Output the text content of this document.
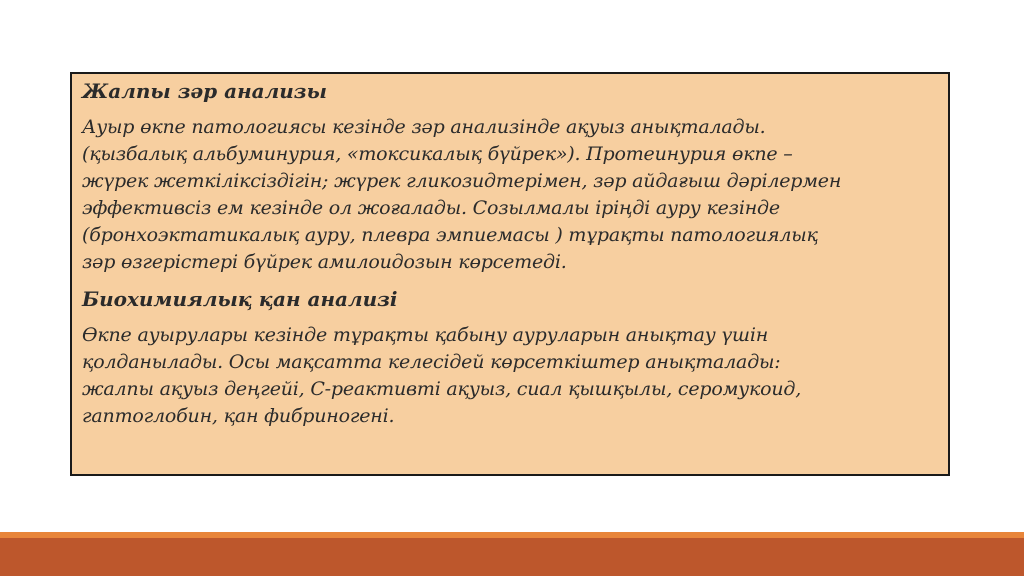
Жалпы зәр анализы
Ауыр өкпе патологиясы кезінде зәр анализінде ақуыз анықталады.
(қызбалық альбуминурия, «токсикалық бүйрек»). Протеинурия өкпе –
жүрек жеткіліксіздігін; жүрек гликозидтерімен, зәр айдағыш дәрілермен
эффективсіз ем кезінде ол жоғалады. Созылмалы іріңді ауру кезінде
(бронхоэктатикалық ауру, плевра эмпиемасы ) тұрақты патологиялық
зәр өзгерістері бүйрек амилоидозын көрсетеді.
Биохимиялық қан анализі
Өкпе ауырулары кезінде тұрақты қабыну ауруларын анықтау үшін
қолданылады. Осы мақсатта келесідей көрсеткіштер анықталады:
жалпы ақуыз деңгейі, С-реактивті ақуыз, сиал қышқылы, серомукоид,
гаптоглобин, қан фибриногені.
